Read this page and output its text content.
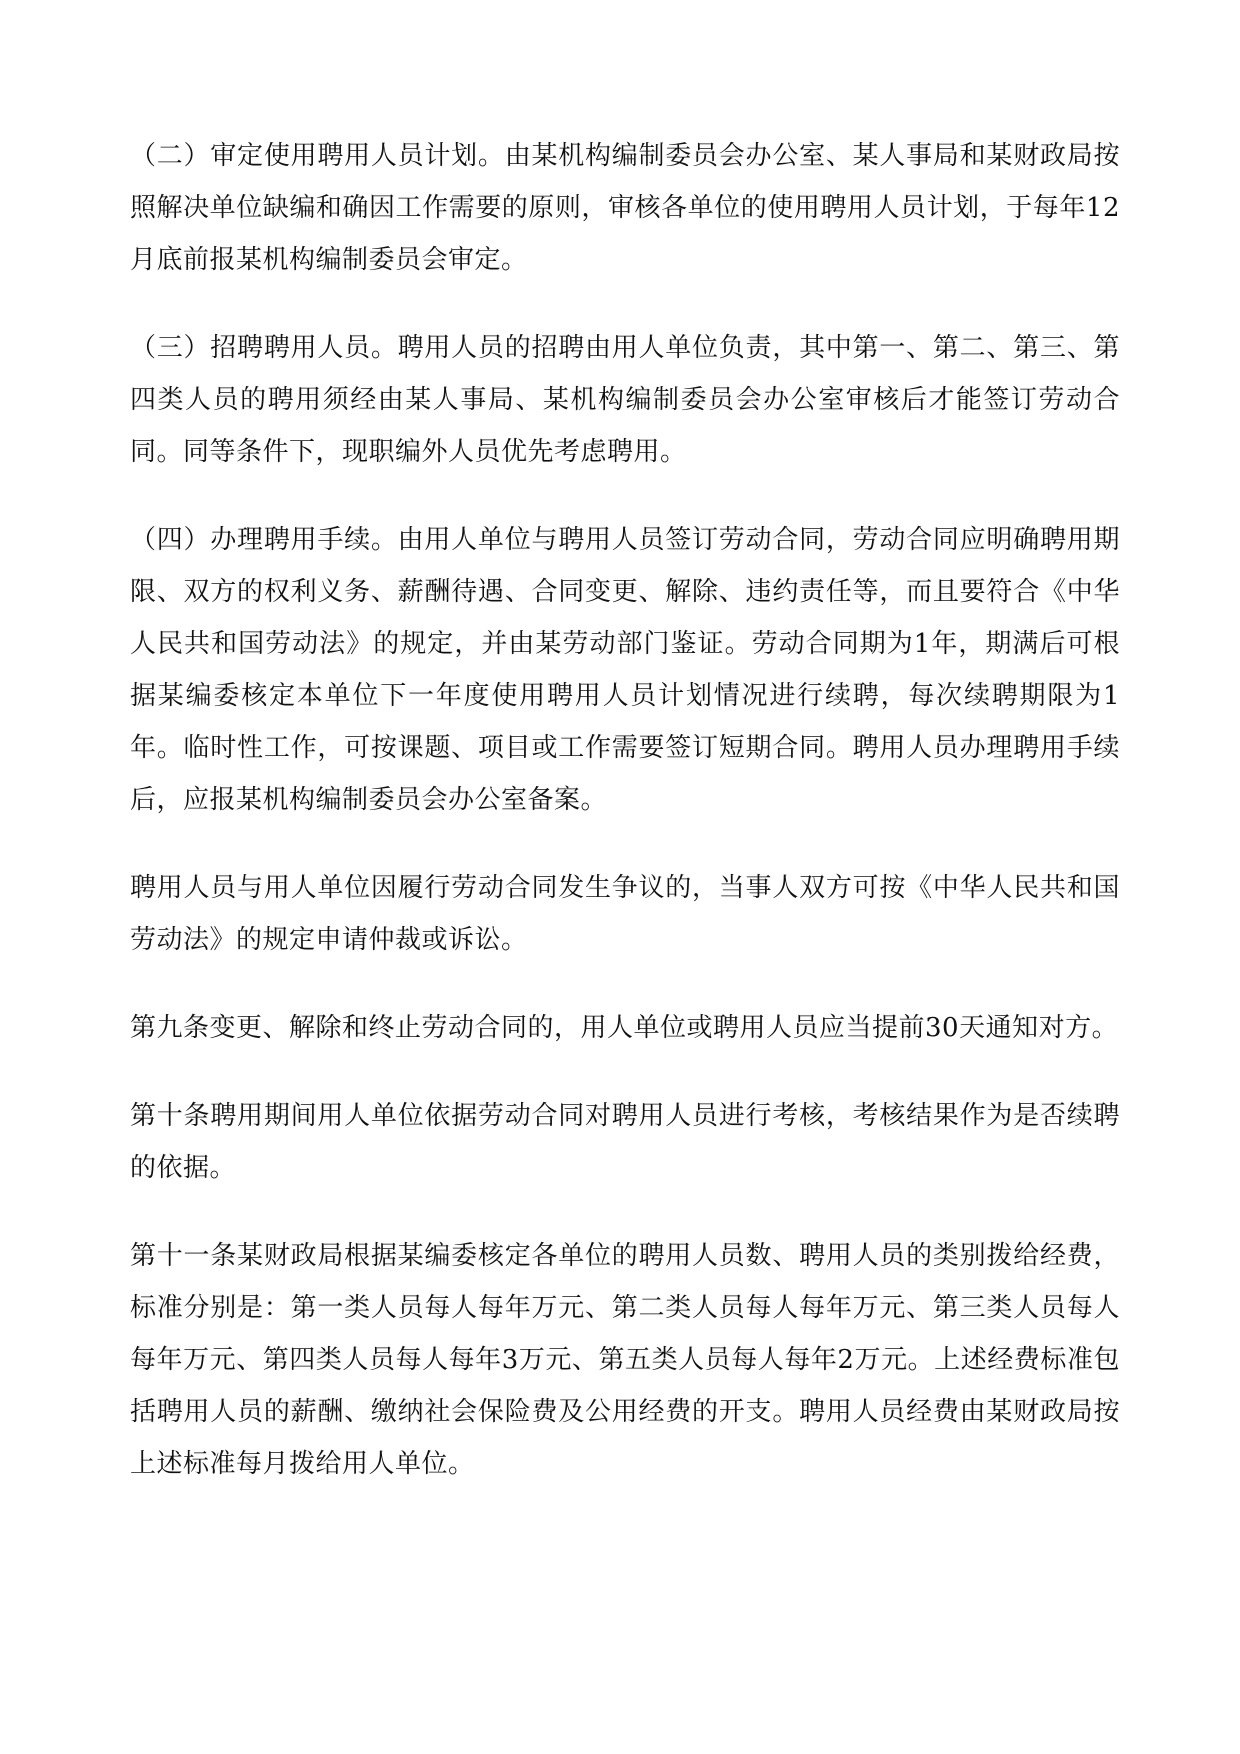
（二）审定使用聘用人员计划。由某机构编制委员会办公室、某人事局和某财政局按照解决单位缺编和确因工作需要的原则，审核各单位的使用聘用人员计划，于每年12月底前报某机构编制委员会审定。

（三）招聘聘用人员。聘用人员的招聘由用人单位负责，其中第一、第二、第三、第四类人员的聘用须经由某人事局、某机构编制委员会办公室审核后才能签订劳动合同。同等条件下，现职编外人员优先考虑聘用。

（四）办理聘用手续。由用人单位与聘用人员签订劳动合同，劳动合同应明确聘用期限、双方的权利义务、薪酬待遇、合同变更、解除、违约责任等，而且要符合《中华人民共和国劳动法》的规定，并由某劳动部门鉴证。劳动合同期为1年，期满后可根据某编委核定本单位下一年度使用聘用人员计划情况进行续聘，每次续聘期限为1年。临时性工作，可按课题、项目或工作需要签订短期合同。聘用人员办理聘用手续后，应报某机构编制委员会办公室备案。

聘用人员与用人单位因履行劳动合同发生争议的，当事人双方可按《中华人民共和国劳动法》的规定申请仲裁或诉讼。

第九条变更、解除和终止劳动合同的，用人单位或聘用人员应当提前30天通知对方。

第十条聘用期间用人单位依据劳动合同对聘用人员进行考核，考核结果作为是否续聘的依据。

第十一条某财政局根据某编委核定各单位的聘用人员数、聘用人员的类别拨给经费，标准分别是：第一类人员每人每年万元、第二类人员每人每年万元、第三类人员每人每年万元、第四类人员每人每年3万元、第五类人员每人每年2万元。上述经费标准包括聘用人员的薪酬、缴纳社会保险费及公用经费的开支。聘用人员经费由某财政局按上述标准每月拨给用人单位。
